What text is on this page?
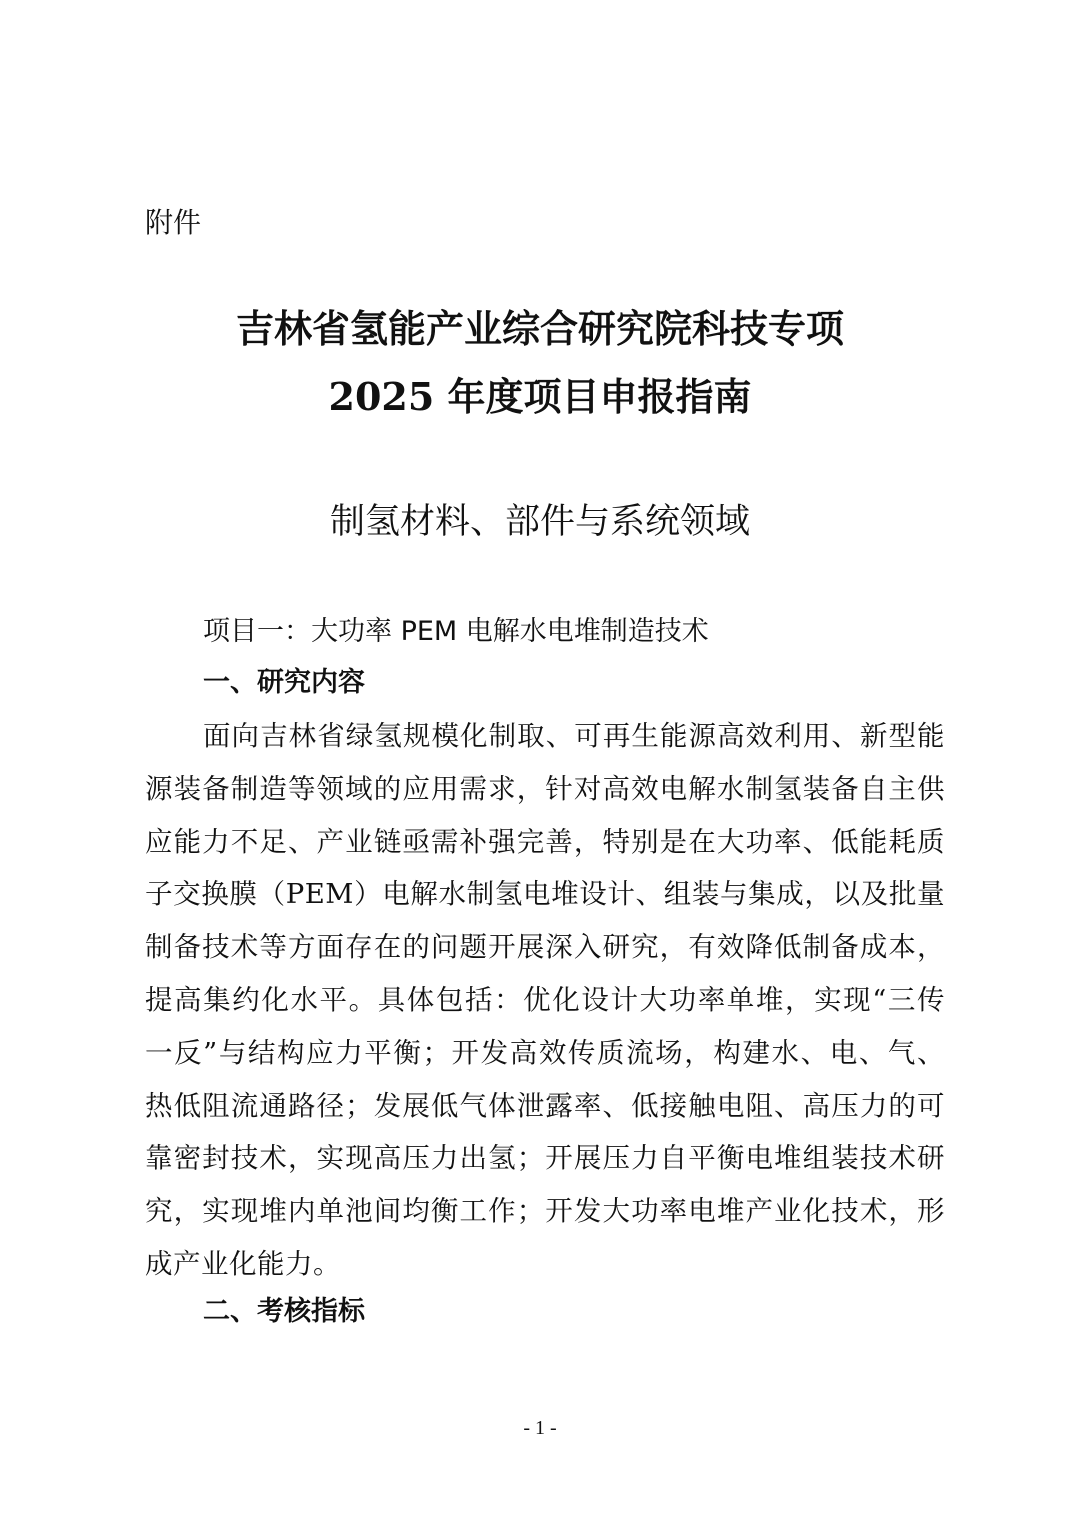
附件
吉林省氢能产业综合研究院科技专项
2025 年度项目申报指南
制氢材料、部件与系统领域
项目一：大功率 PEM 电解水电堆制造技术
一、研究内容
面向吉林省绿氢规模化制取、可再生能源高效利用、新型能
源装备制造等领域的应用需求，针对高效电解水制氢装备自主供
应能力不足、产业链亟需补强完善，特别是在大功率、低能耗质
子交换膜（PEM）电解水制氢电堆设计、组装与集成，以及批量
制备技术等方面存在的问题开展深入研究，有效降低制备成本，
提高集约化水平。具体包括：优化设计大功率单堆，实现“三传
一反”与结构应力平衡；开发高效传质流场，构建水、电、气、
热低阻流通路径；发展低气体泄露率、低接触电阻、高压力的可
靠密封技术，实现高压力出氢；开展压力自平衡电堆组装技术研
究，实现堆内单池间均衡工作；开发大功率电堆产业化技术，形
成产业化能力。
二、考核指标
- 1 -
